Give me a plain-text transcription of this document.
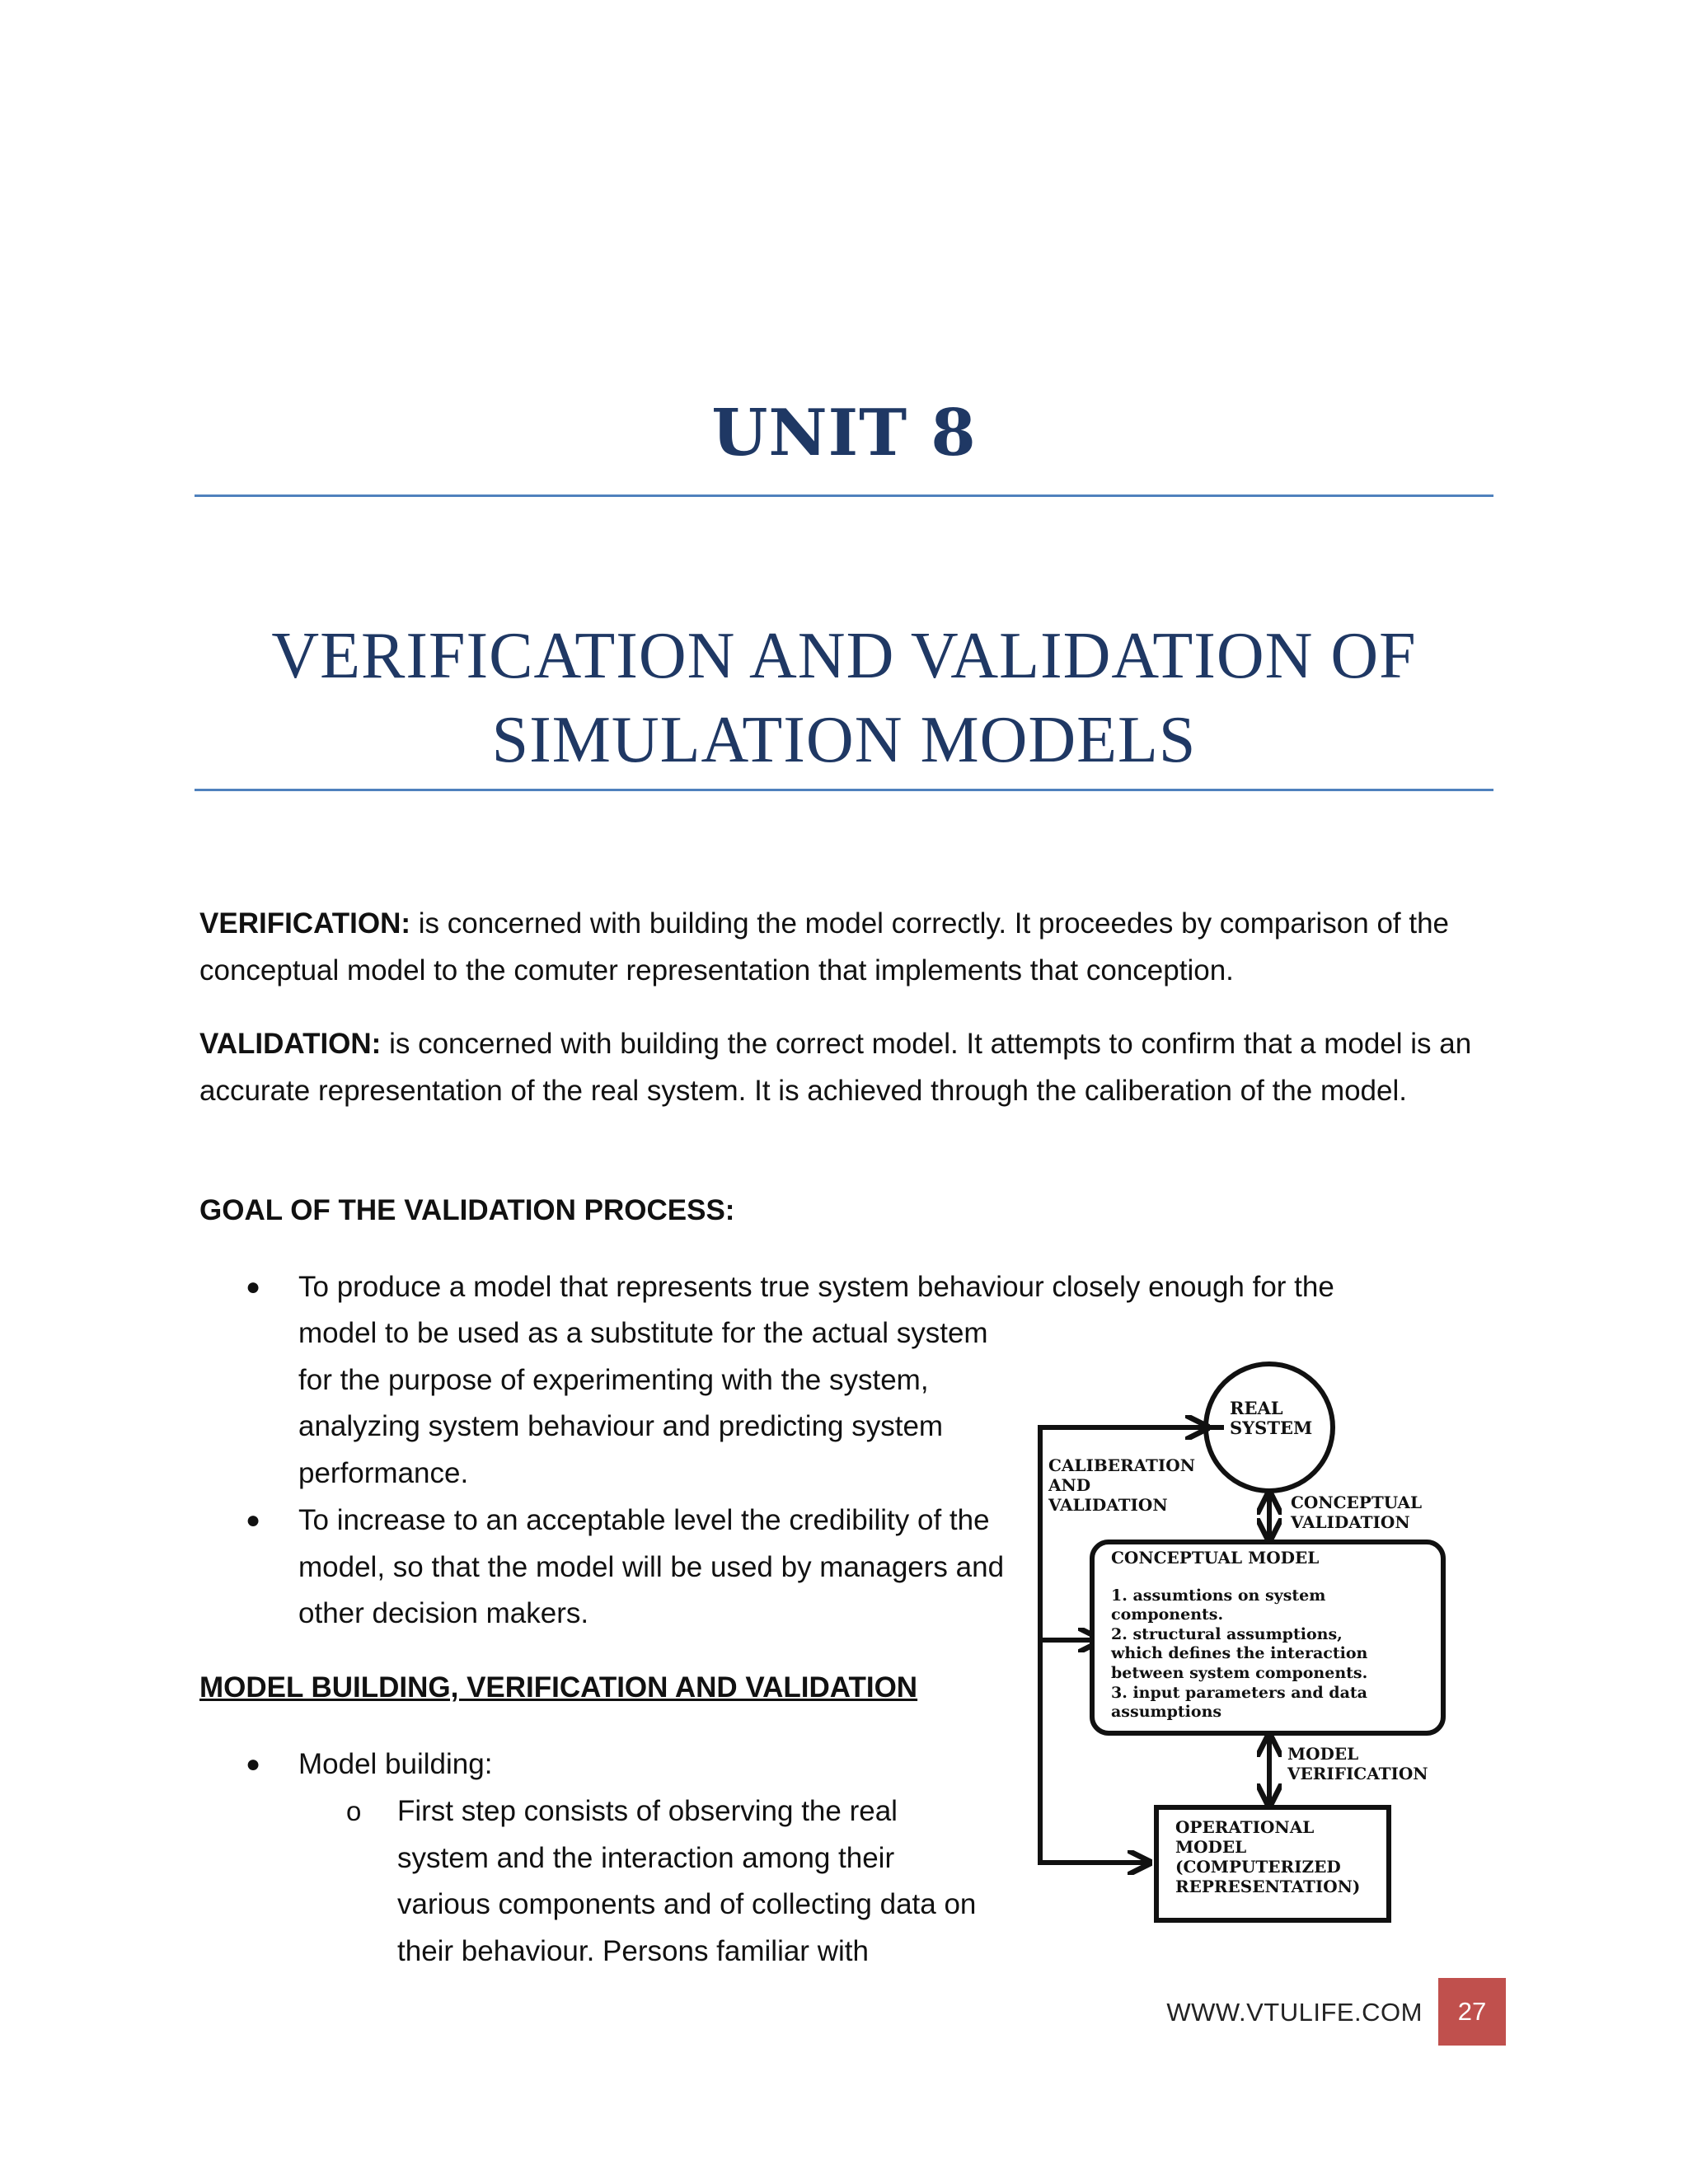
UNIT 8
VERIFICATION AND VALIDATION OF
SIMULATION MODELS
VERIFICATION: is concerned with building the model correctly. It proceedes by comparison of the conceptual model to the comuter representation that implements that conception.
VALIDATION: is concerned with building the correct model. It attempts to confirm that a model is an accurate representation of the real system. It is achieved through the caliberation of the model.
GOAL OF THE VALIDATION PROCESS:
● To produce a model that represents true system behaviour closely enough for the
model to be used as a substitute for the actual system for the purpose of experimenting with the system, analyzing system behaviour and predicting system performance.
● To increase to an acceptable level the credibility of the model, so that the model will be used by managers and other decision makers.
MODEL BUILDING, VERIFICATION AND VALIDATION
● Model building:
o First step consists of observing the real system and the interaction among their various components and of collecting data on their behaviour. Persons familiar with
REAL
SYSTEM
CALIBERATION
AND
VALIDATION	CONCEPTUAL
VALIDATION
CONCEPTUAL MODEL
1. assumtions on system
components.
2. structural assumptions,
which defines the interaction
between system components.
3. input parameters and data
assumptions
MODEL
VERIFICATION
OPERATIONAL
MODEL
(COMPUTERIZED
REPRESENTATION)
WWW.VTULIFE.COM	27
